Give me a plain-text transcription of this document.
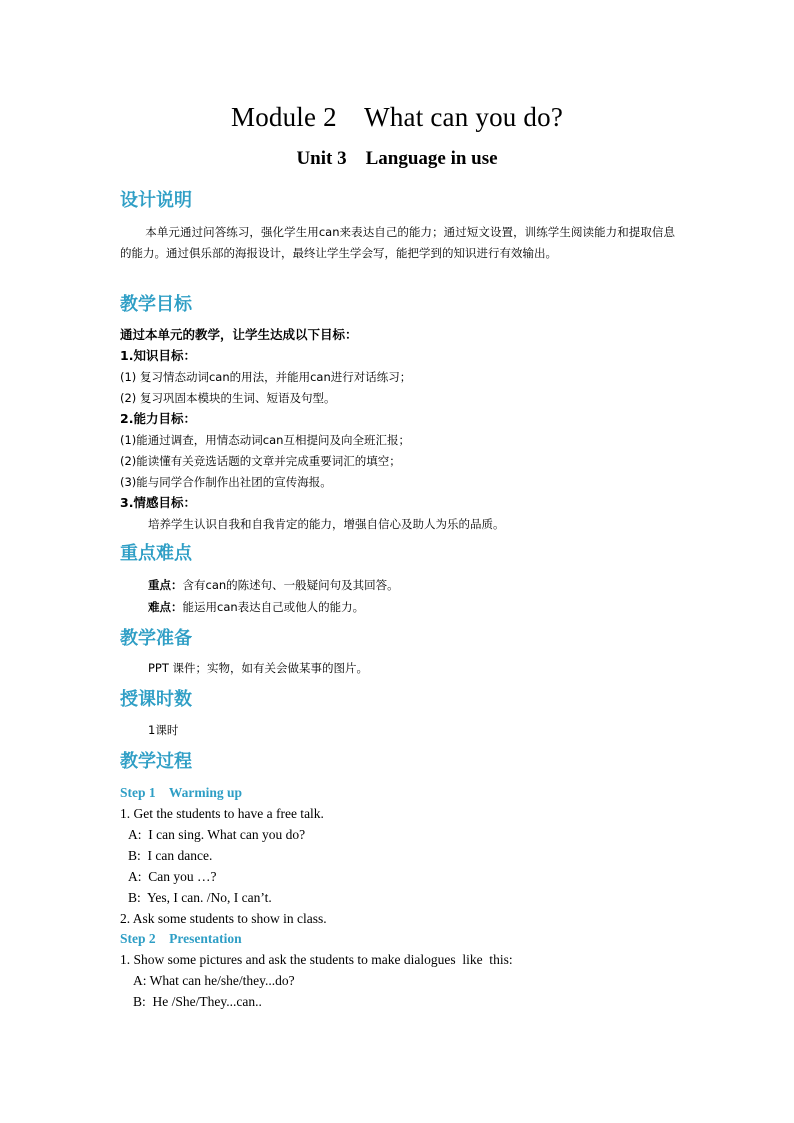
Module 2    What can you do?
Unit 3    Language in use
设计说明
本单元通过问答练习，强化学生用can来表达自己的能力；通过短文设置，训练学生阅读能力和提取信息的能力。通过俱乐部的海报设计，最终让学生学会写，能把学到的知识进行有效输出。
教学目标
通过本单元的教学，让学生达成以下目标：
1.知识目标：
(1) 复习情态动词can的用法，并能用can进行对话练习；
(2) 复习巩固本模块的生词、短语及句型。
2.能力目标：
(1)能通过调查，用情态动词can互相提问及向全班汇报；
(2)能读懂有关竞选话题的文章并完成重要词汇的填空；
(3)能与同学合作制作出社团的宣传海报。
3.情感目标：
培养学生认识自我和自我肯定的能力，增强自信心及助人为乐的品质。
重点难点
重点：含有can的陈述句、一般疑问句及其回答。
难点：能运用can表达自己或他人的能力。
教学准备
PPT 课件；实物，如有关会做某事的图片。
授课时数
1课时
教学过程
Step 1    Warming up
1. Get the students to have a free talk.
A:  I can sing. What can you do?
B:  I can dance.
A:  Can you …?
B:  Yes, I can. /No, I can’t.
2. Ask some students to show in class.
Step 2    Presentation
1. Show some pictures and ask the students to make dialogues  like  this:
A: What can he/she/they...do?
B:  He /She/They...can..
